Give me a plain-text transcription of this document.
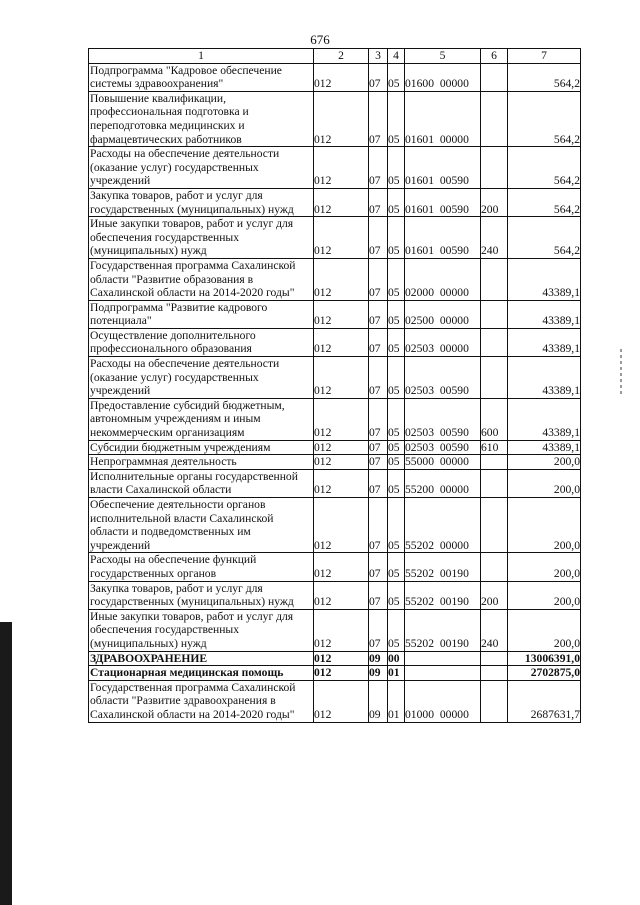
676
1	2	3	4	5	6	7
Подпрограмма "Кадровое обеспечение системы здравоохранения"	012	07	05	01600 00000		564,2
Повышение квалификации, профессиональная подготовка и переподготовка медицинских и фармацевтических работников	012	07	05	01601 00000		564,2
Расходы на обеспечение деятельности (оказание услуг) государственных учреждений	012	07	05	01601 00590		564,2
Закупка товаров, работ и услуг для государственных (муниципальных) нужд	012	07	05	01601 00590	200	564,2
Иные закупки товаров, работ и услуг для обеспечения государственных (муниципальных) нужд	012	07	05	01601 00590	240	564,2
Государственная программа Сахалинской области "Развитие образования в Сахалинской области на 2014-2020 годы"	012	07	05	02000 00000		43389,1
Подпрограмма "Развитие кадрового потенциала"	012	07	05	02500 00000		43389,1
Осуществление дополнительного профессионального образования	012	07	05	02503 00000		43389,1
Расходы на обеспечение деятельности (оказание услуг) государственных учреждений	012	07	05	02503 00590		43389,1
Предоставление субсидий бюджетным, автономным учреждениям и иным некоммерческим организациям	012	07	05	02503 00590	600	43389,1
Субсидии бюджетным учреждениям	012	07	05	02503 00590	610	43389,1
Непрограммная деятельность	012	07	05	55000 00000		200,0
Исполнительные органы государственной власти Сахалинской области	012	07	05	55200 00000		200,0
Обеспечение деятельности органов исполнительной власти Сахалинской области и подведомственных им учреждений	012	07	05	55202 00000		200,0
Расходы на обеспечение функций государственных органов	012	07	05	55202 00190		200,0
Закупка товаров, работ и услуг для государственных (муниципальных) нужд	012	07	05	55202 00190	200	200,0
Иные закупки товаров, работ и услуг для обеспечения государственных (муниципальных) нужд	012	07	05	55202 00190	240	200,0
ЗДРАВООХРАНЕНИЕ	012	09	00			13006391,0
Стационарная медицинская помощь	012	09	01			2702875,0
Государственная программа Сахалинской области "Развитие здравоохранения в Сахалинской области на 2014-2020 годы"	012	09	01	01000 00000		2687631,7
